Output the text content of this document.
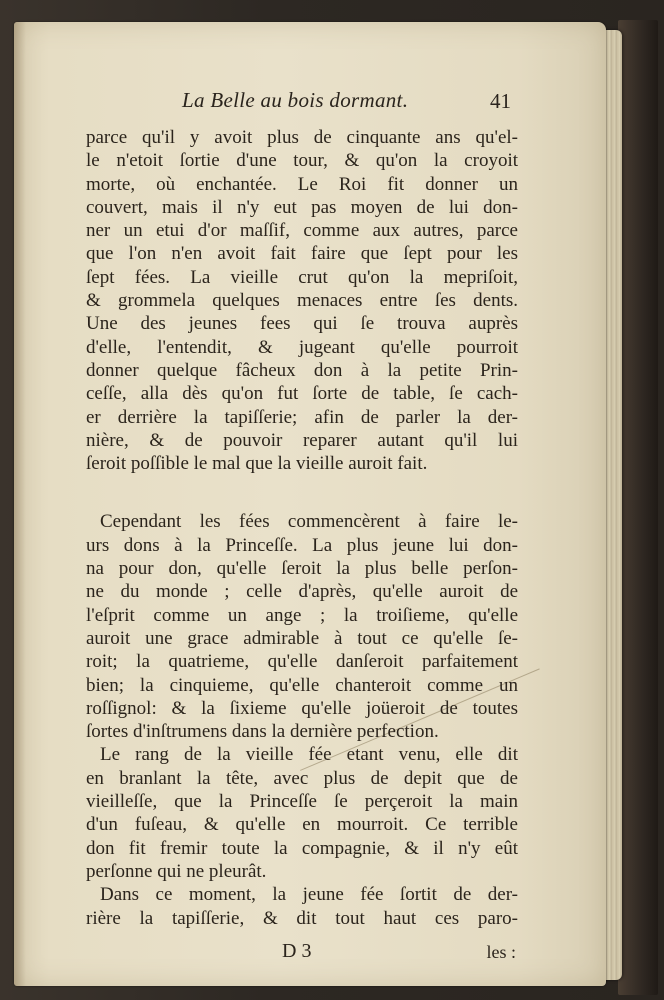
La Belle au bois dormant.	41
parce qu'il y avoit plus de cinquante ans qu'el-
le n'etoit ſortie d'une tour, & qu'on la croyoit
morte, où enchantée. Le Roi fit donner un
couvert, mais il n'y eut pas moyen de lui don-
ner un etui d'or maſſif, comme aux autres, parce
que l'on n'en avoit fait faire que ſept pour les
ſept fées. La vieille crut qu'on la mepriſoit,
& grommela quelques menaces entre ſes dents.
Une des jeunes fees qui ſe trouva auprès
d'elle, l'entendit, & jugeant qu'elle pourroit
donner quelque fâcheux don à la petite Prin-
ceſſe, alla dès qu'on fut ſorte de table, ſe cach-
er derrière la tapiſſerie; afin de parler la der-
nière, & de pouvoir reparer autant qu'il lui
ſeroit poſſible le mal que la vieille auroit fait.
Cependant les fées commencèrent à faire le-
urs dons à la Princeſſe. La plus jeune lui don-
na pour don, qu'elle ſeroit la plus belle perſon-
ne du monde ; celle d'après, qu'elle auroit de
l'eſprit comme un ange ; la troiſieme, qu'elle
auroit une grace admirable à tout ce qu'elle ſe-
roit; la quatrieme, qu'elle danſeroit parfaitement
bien; la cinquieme, qu'elle chanteroit comme un
roſſignol: & la ſixieme qu'elle joüeroit de toutes
ſortes d'inſtrumens dans la dernière perfection.
Le rang de la vieille fée etant venu, elle dit
en branlant la tête, avec plus de depit que de
vieilleſſe, que la Princeſſe ſe perçeroit la main
d'un fuſeau, & qu'elle en mourroit. Ce terrible
don fit fremir toute la compagnie, & il n'y eût
perſonne qui ne pleurât.
Dans ce moment, la jeune fée ſortit de der-
rière la tapiſſerie, & dit tout haut ces paro-
D 3	les :
